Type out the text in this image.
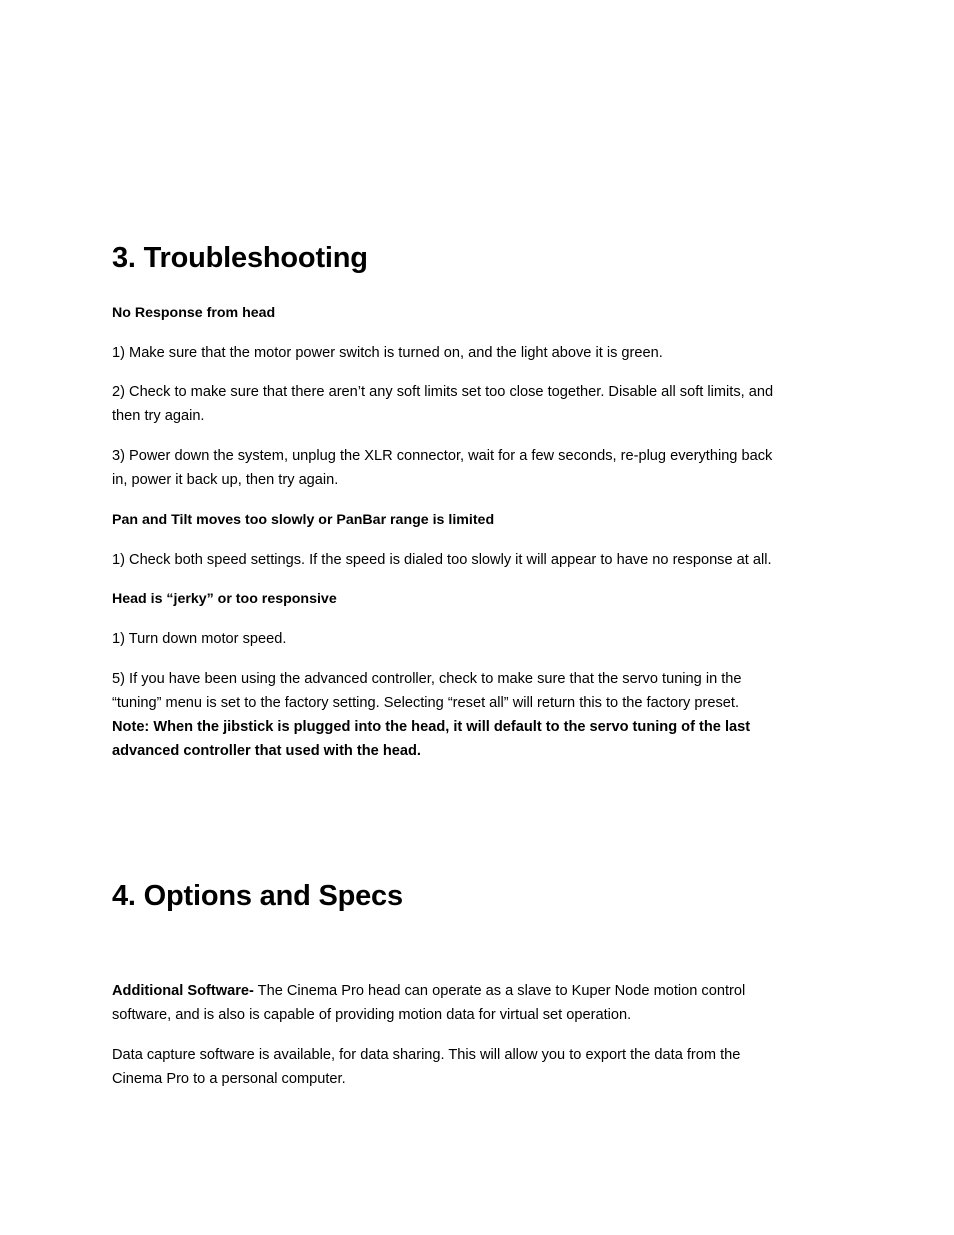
3. Troubleshooting

No Response from head

1) Make sure that the motor power switch is turned on, and the light above it is green.

2) Check to make sure that there aren’t any soft limits set too close together. Disable all soft limits, and
then try again.

3) Power down the system, unplug the XLR connector, wait for a few seconds, re-plug everything back
in, power it back up, then try again.

Pan and Tilt moves too slowly or PanBar range is limited

1) Check both speed settings. If the speed is dialed too slowly it will appear to have no response at all.

Head is “jerky” or too responsive

1) Turn down motor speed.

5) If you have been using the advanced controller, check to make sure that the servo tuning in the
“tuning” menu is set to the factory setting. Selecting “reset all” will return this to the factory preset.
Note: When the jibstick is plugged into the head, it will default to the servo tuning of the last
advanced controller that used with the head.

4. Options and Specs

Additional Software- The Cinema Pro head can operate as a slave to Kuper Node motion control
software, and is also is capable of providing motion data for virtual set operation.

Data capture software is available, for data sharing. This will allow you to export the data from the
Cinema Pro to a personal computer.
